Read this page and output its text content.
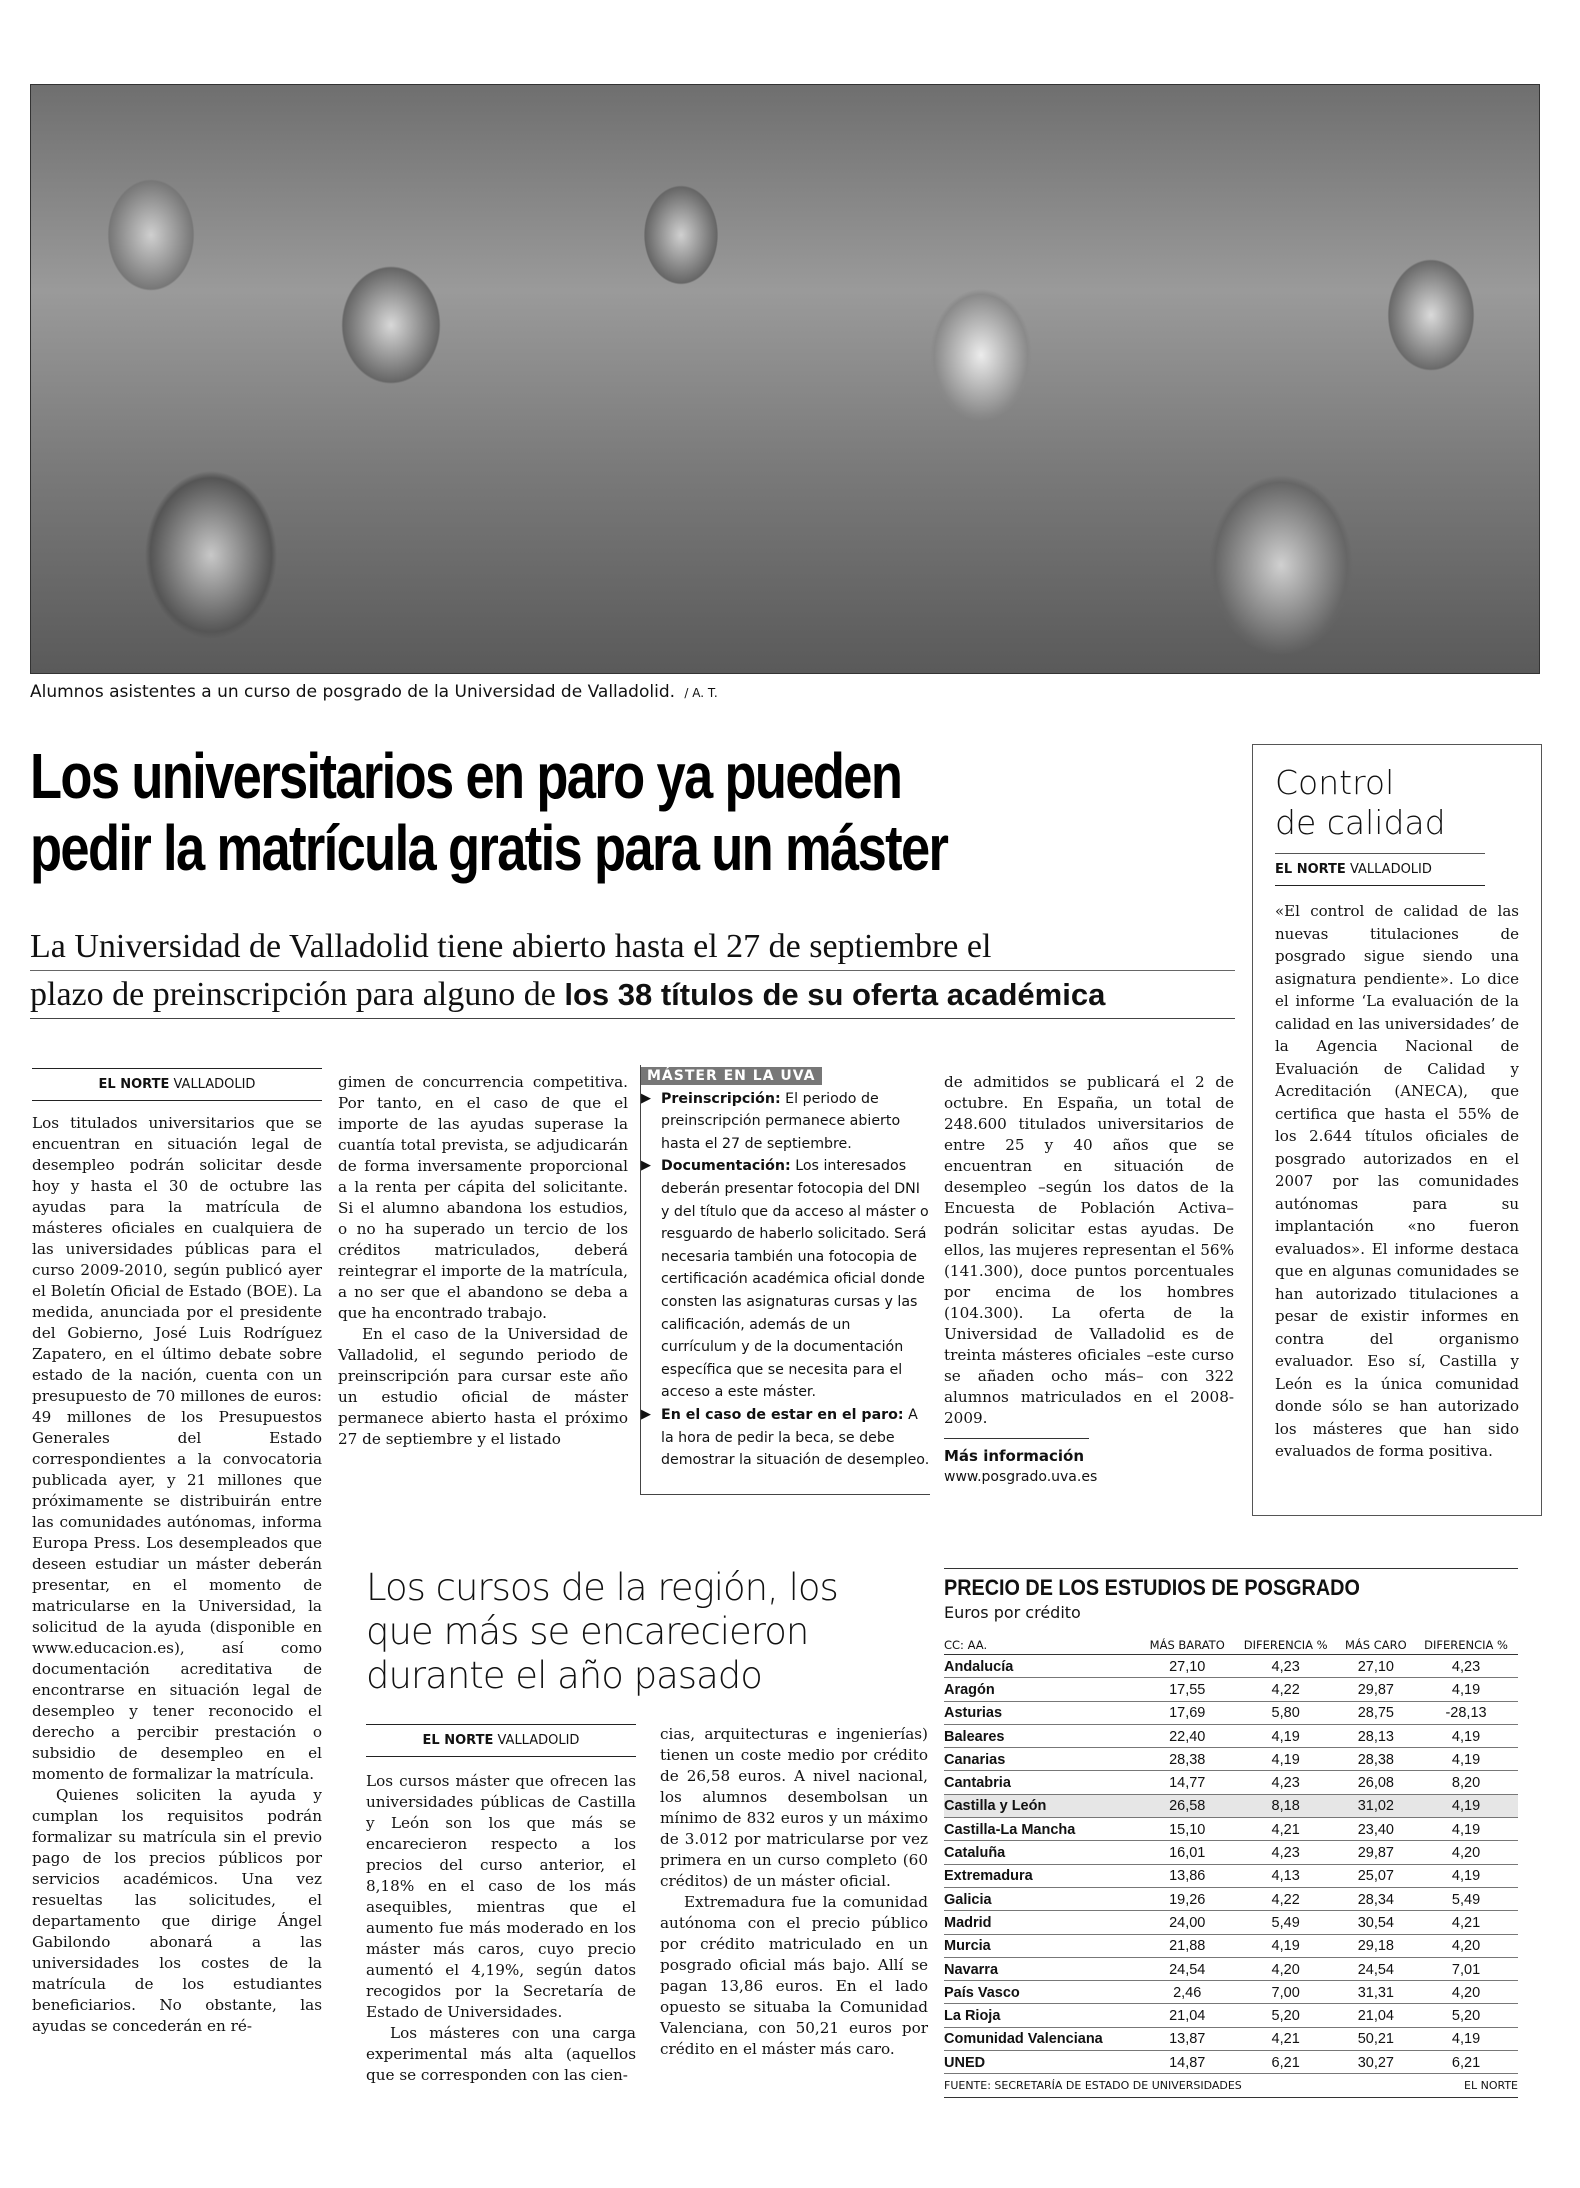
Alumnos asistentes a un curso de posgrado de la Universidad de Valladolid. / A. T.
Los universitarios en paro ya pueden
pedir la matrícula gratis para un máster
La Universidad de Valladolid tiene abierto hasta el 27 de septiembre el
plazo de preinscripción para alguno de los 38 títulos de su oferta académica
EL NORTE VALLADOLID

Los titulados universitarios que se encuentran en situación legal de desempleo podrán solicitar desde hoy y hasta el 30 de octubre las ayudas para la matrícula de másteres oficiales en cualquiera de las universidades públicas para el curso 2009-2010, según publicó ayer el Boletín Oficial de Estado (BOE). La medida, anunciada por el presidente del Gobierno, José Luis Rodríguez Zapatero, en el último debate sobre estado de la nación, cuenta con un presupuesto de 70 millones de euros: 49 millones de los Presupuestos Generales del Estado correspondientes a la convocatoria publicada ayer, y 21 millones que próximamente se distribuirán entre las comunidades autónomas, informa Europa Press. Los desempleados que deseen estudiar un máster deberán presentar, en el momento de matricularse en la Universidad, la solicitud de la ayuda (disponible en www.educacion.es), así como documentación acreditativa de encontrarse en situación legal de desempleo y tener reconocido el derecho a percibir prestación o subsidio de desempleo en el momento de formalizar la matrícula.

Quienes soliciten la ayuda y cumplan los requisitos podrán formalizar su matrícula sin el previo pago de los precios públicos por servicios académicos. Una vez resueltas las solicitudes, el departamento que dirige Ángel Gabilondo abonará a las universidades los costes de la matrícula de los estudiantes beneficiarios. No obstante, las ayudas se concederán en ré-

gimen de concurrencia competitiva. Por tanto, en el caso de que el importe de las ayudas superase la cuantía total prevista, se adjudicarán de forma inversamente proporcional a la renta per cápita del solicitante. Si el alumno abandona los estudios, o no ha superado un tercio de los créditos matriculados, deberá reintegrar el importe de la matrícula, a no ser que el abandono se deba a que ha encontrado trabajo.

En el caso de la Universidad de Valladolid, el segundo periodo de preinscripción para cursar este año un estudio oficial de máster permanece abierto hasta el próximo 27 de septiembre y el listado

MÁSTER EN LA UVA
▶ Preinscripción: El periodo de preinscripción permanece abierto hasta el 27 de septiembre.
▶ Documentación: Los interesados deberán presentar fotocopia del DNI y del título que da acceso al máster o resguardo de haberlo solicitado. Será necesaria también una fotocopia de certificación académica oficial donde consten las asignaturas cursas y las calificación, además de un currículum y de la documentación específica que se necesita para el acceso a este máster.
▶ En el caso de estar en el paro: A la hora de pedir la beca, se debe demostrar la situación de desempleo.

de admitidos se publicará el 2 de octubre. En España, un total de 248.600 titulados universitarios de entre 25 y 40 años que se encuentran en situación de desempleo –según los datos de la Encuesta de Población Activa– podrán solicitar estas ayudas. De ellos, las mujeres representan el 56% (141.300), doce puntos porcentuales por encima de los hombres (104.300). La oferta de la Universidad de Valladolid es de treinta másteres oficiales –este curso se añaden ocho más– con 322 alumnos matriculados en el 2008-2009.

Más información
www.posgrado.uva.es
Control
de calidad
EL NORTE VALLADOLID
«El control de calidad de las nuevas titulaciones de posgrado sigue siendo una asignatura pendiente». Lo dice el informe ‘La evaluación de la calidad en las universidades’ de la Agencia Nacional de Evaluación de Calidad y Acreditación (ANECA), que certifica que hasta el 55% de los 2.644 títulos oficiales de posgrado autorizados en el 2007 por las comunidades autónomas para su implantación «no fueron evaluados». El informe destaca que en algunas comunidades se han autorizado titulaciones a pesar de existir informes en contra del organismo evaluador. Eso sí, Castilla y León es la única comunidad donde sólo se han autorizado los másteres que han sido evaluados de forma positiva.
Los cursos de la región, los que más se encarecieron durante el año pasado
EL NORTE VALLADOLID

Los cursos máster que ofrecen las universidades públicas de Castilla y León son los que más se encarecieron respecto a los precios del curso anterior, el 8,18% en el caso de los más asequibles, mientras que el aumento fue más moderado en los máster más caros, cuyo precio aumentó el 4,19%, según datos recogidos por la Secretaría de Estado de Universidades.

Los másteres con una carga experimental más alta (aquellos que se corresponden con las cien-

cias, arquitecturas e ingenierías) tienen un coste medio por crédito de 26,58 euros. A nivel nacional, los alumnos desembolsan un mínimo de 832 euros y un máximo de 3.012 por matricularse por vez primera en un curso completo (60 créditos) de un máster oficial.

Extremadura fue la comunidad autónoma con el precio público por crédito matriculado en un posgrado oficial más bajo. Allí se pagan 13,86 euros. En el lado opuesto se situaba la Comunidad Valenciana, con 50,21 euros por crédito en el máster más caro.

PRECIO DE LOS ESTUDIOS DE POSGRADO
Euros por crédito
CC: AA.	MÁS BARATO	DIFERENCIA %	MÁS CARO	DIFERENCIA %
Andalucía	27,10	4,23	27,10	4,23
Aragón	17,55	4,22	29,87	4,19
Asturias	17,69	5,80	28,75	-28,13
Baleares	22,40	4,19	28,13	4,19
Canarias	28,38	4,19	28,38	4,19
Cantabria	14,77	4,23	26,08	8,20
Castilla y León	26,58	8,18	31,02	4,19
Castilla-La Mancha	15,10	4,21	23,40	4,19
Cataluña	16,01	4,23	29,87	4,20
Extremadura	13,86	4,13	25,07	4,19
Galicia	19,26	4,22	28,34	5,49
Madrid	24,00	5,49	30,54	4,21
Murcia	21,88	4,19	29,18	4,20
Navarra	24,54	4,20	24,54	7,01
País Vasco	2,46	7,00	31,31	4,20
La Rioja	21,04	5,20	21,04	5,20
Comunidad Valenciana	13,87	4,21	50,21	4,19
UNED	14,87	6,21	30,27	6,21
FUENTE: SECRETARÍA DE ESTADO DE UNIVERSIDADES	EL NORTE
